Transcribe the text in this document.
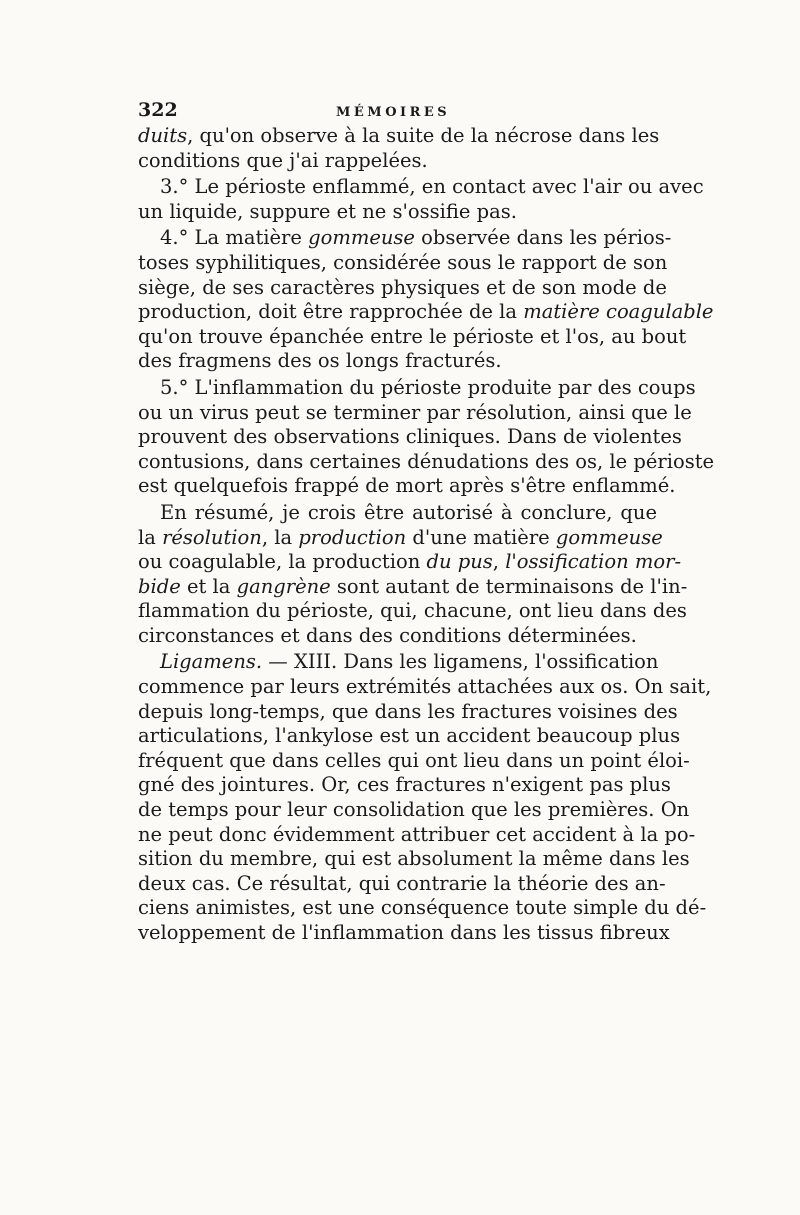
322	MÉMOIRES
duits, qu'on observe à la suite de la nécrose dans les
conditions que j'ai rappelées.
3.° Le périoste enflammé, en contact avec l'air ou avec
un liquide, suppure et ne s'ossifie pas.
4.° La matière gommeuse observée dans les périos-
toses syphilitiques, considérée sous le rapport de son
siège, de ses caractères physiques et de son mode de
production, doit être rapprochée de la matière coagulable
qu'on trouve épanchée entre le périoste et l'os, au bout
des fragmens des os longs fracturés.
5.° L'inflammation du périoste produite par des coups
ou un virus peut se terminer par résolution, ainsi que le
prouvent des observations cliniques. Dans de violentes
contusions, dans certaines dénudations des os, le périoste
est quelquefois frappé de mort après s'être enflammé.
En résumé, je crois être autorisé à conclure, que
la résolution, la production d'une matière gommeuse
ou coagulable, la production du pus, l'ossification mor-
bide et la gangrène sont autant de terminaisons de l'in-
flammation du périoste, qui, chacune, ont lieu dans des
circonstances et dans des conditions déterminées.
Ligamens. — XIII. Dans les ligamens, l'ossification
commence par leurs extrémités attachées aux os. On sait,
depuis long-temps, que dans les fractures voisines des
articulations, l'ankylose est un accident beaucoup plus
fréquent que dans celles qui ont lieu dans un point éloi-
gné des jointures. Or, ces fractures n'exigent pas plus
de temps pour leur consolidation que les premières. On
ne peut donc évidemment attribuer cet accident à la po-
sition du membre, qui est absolument la même dans les
deux cas. Ce résultat, qui contrarie la théorie des an-
ciens animistes, est une conséquence toute simple du dé-
veloppement de l'inflammation dans les tissus fibreux
